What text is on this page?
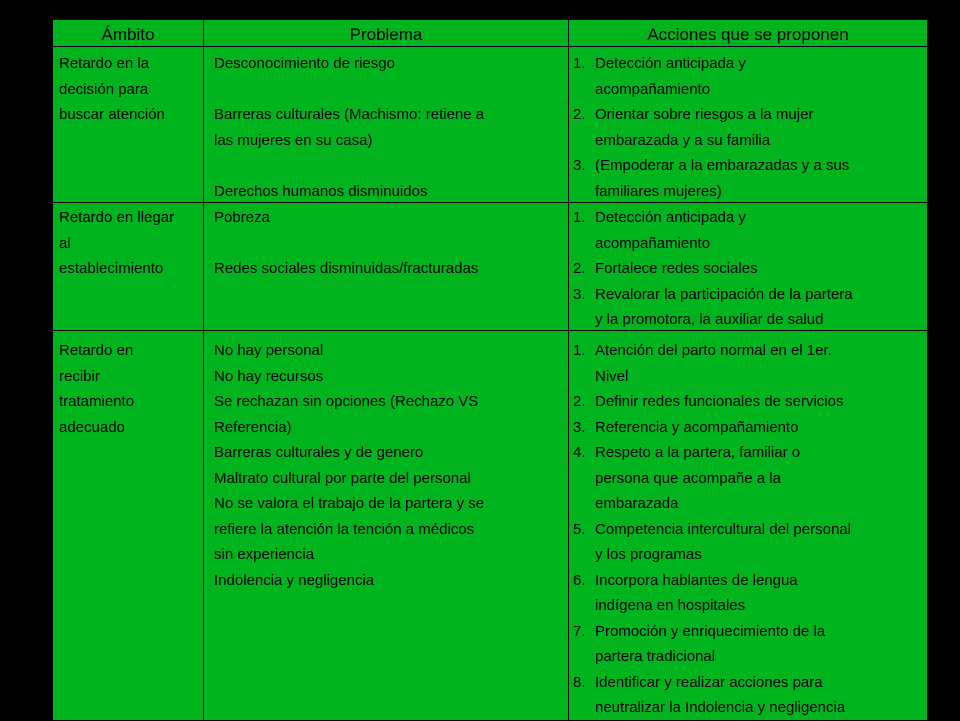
Ámbito	Problema	Acciones que se proponen

Retardo en la

decisión para

buscar atención

Desconocimiento de riesgo

Barreras culturales (Machismo: retiene a

las mujeres en su casa)

Derechos humanos disminuidos

1. Detección anticipada y
acompañamiento
2. Orientar sobre riesgos a la mujer
embarazada y a su familia
3. (Empoderar a la embarazadas y a sus
familiares mujeres)

Retardo en llegar

al

establecimiento

Pobreza

Redes sociales disminuidas/fracturadas

1. Detección anticipada y
acompañamiento
2. Fortalece redes sociales
3. Revalorar la participación de la partera
y la promotora, la auxiliar de salud

Retardo en

recibir

tratamiento

adecuado

No hay personal

No hay recursos

Se rechazan sin opciones (Rechazo VS

Referencia)

Barreras culturales y de genero

Maltrato cultural por parte del personal

No se valora el trabajo de la partera y se

refiere la atención la tención a médicos

sin experiencia

Indolencia y negligencia

1. Atención del parto normal en el 1er.
Nivel
2. Definir redes funcionales de servicios
3. Referencia y acompañamiento
4. Respeto a la partera, familiar o
persona que acompañe a la
embarazada
5. Competencia intercultural del personal
y los programas
6. Incorpora hablantes de lengua
indígena en hospitales
7. Promoción y enriquecimiento de la
partera tradicional
8. Identificar y realizar acciones para
neutralizar la Indolencia y negligencia
